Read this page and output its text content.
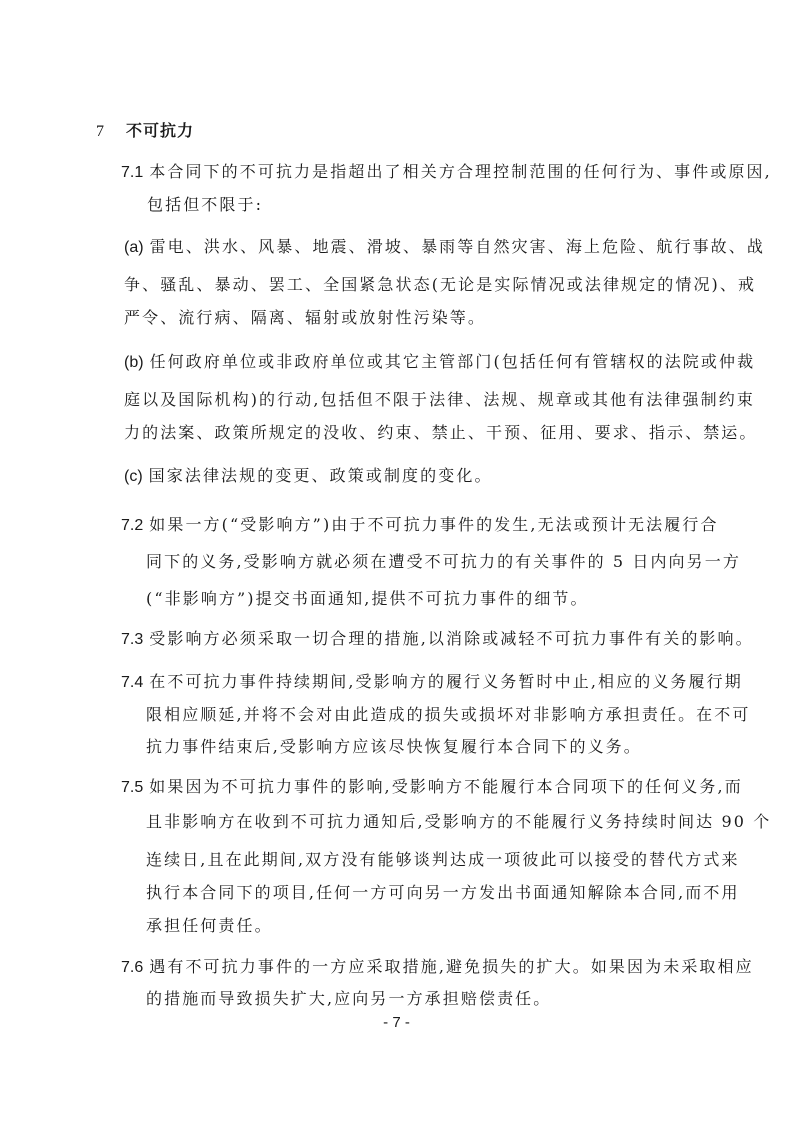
7 不可抗力
7.1 本合同下的不可抗力是指超出了相关方合理控制范围的任何行为、事件或原因,
包括但不限于:
(a) 雷电、洪水、风暴、地震、滑坡、暴雨等自然灾害、海上危险、航行事故、战
争、骚乱、暴动、罢工、全国紧急状态(无论是实际情况或法律规定的情况)、戒
严令、流行病、隔离、辐射或放射性污染等。
(b) 任何政府单位或非政府单位或其它主管部门(包括任何有管辖权的法院或仲裁
庭以及国际机构)的行动,包括但不限于法律、法规、规章或其他有法律强制约束
力的法案、政策所规定的没收、约束、禁止、干预、征用、要求、指示、禁运。
(c) 国家法律法规的变更、政策或制度的变化。
7.2 如果一方(“受影响方”)由于不可抗力事件的发生,无法或预计无法履行合
同下的义务,受影响方就必须在遭受不可抗力的有关事件的 5 日内向另一方
(“非影响方”)提交书面通知,提供不可抗力事件的细节。
7.3 受影响方必须采取一切合理的措施,以消除或减轻不可抗力事件有关的影响。
7.4 在不可抗力事件持续期间,受影响方的履行义务暂时中止,相应的义务履行期
限相应顺延,并将不会对由此造成的损失或损坏对非影响方承担责任。在不可
抗力事件结束后,受影响方应该尽快恢复履行本合同下的义务。
7.5 如果因为不可抗力事件的影响,受影响方不能履行本合同项下的任何义务,而
且非影响方在收到不可抗力通知后,受影响方的不能履行义务持续时间达 90 个
连续日,且在此期间,双方没有能够谈判达成一项彼此可以接受的替代方式来
执行本合同下的项目,任何一方可向另一方发出书面通知解除本合同,而不用
承担任何责任。
7.6 遇有不可抗力事件的一方应采取措施,避免损失的扩大。如果因为未采取相应
的措施而导致损失扩大,应向另一方承担赔偿责任。
- 7 -
